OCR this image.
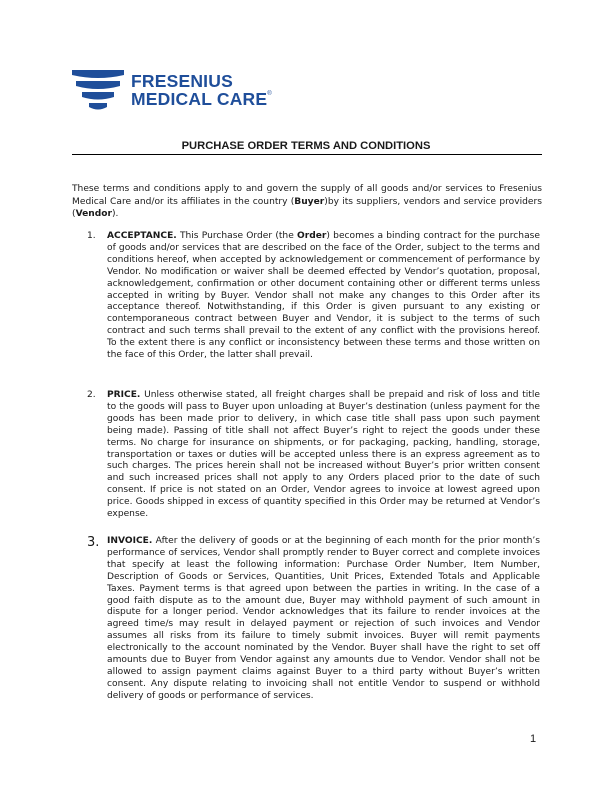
FRESENIUS
MEDICAL CARE®
PURCHASE ORDER TERMS AND CONDITIONS

These terms and conditions apply to and govern the supply of all goods and/or services to Fresenius Medical Care and/or its affiliates in the country (Buyer)by its suppliers, vendors and service providers (Vendor).

1. ACCEPTANCE. This Purchase Order (the Order) becomes a binding contract for the purchase of goods and/or services that are described on the face of the Order, subject to the terms and conditions hereof, when accepted by acknowledgement or commencement of performance by Vendor. No modification or waiver shall be deemed effected by Vendor’s quotation, proposal, acknowledgement, confirmation or other document containing other or different terms unless accepted in writing by Buyer. Vendor shall not make any changes to this Order after its acceptance thereof. Notwithstanding, if this Order is given pursuant to any existing or contemporaneous contract between Buyer and Vendor, it is subject to the terms of such contract and such terms shall prevail to the extent of any conflict with the provisions hereof. To the extent there is any conflict or inconsistency between these terms and those written on the face of this Order, the latter shall prevail.

2. PRICE. Unless otherwise stated, all freight charges shall be prepaid and risk of loss and title to the goods will pass to Buyer upon unloading at Buyer’s destination (unless payment for the goods has been made prior to delivery, in which case title shall pass upon such payment being made). Passing of title shall not affect Buyer’s right to reject the goods under these terms. No charge for insurance on shipments, or for packaging, packing, handling, storage, transportation or taxes or duties will be accepted unless there is an express agreement as to such charges. The prices herein shall not be increased without Buyer’s prior written consent and such increased prices shall not apply to any Orders placed prior to the date of such consent. If price is not stated on an Order, Vendor agrees to invoice at lowest agreed upon price. Goods shipped in excess of quantity specified in this Order may be returned at Vendor’s expense.

3. INVOICE. After the delivery of goods or at the beginning of each month for the prior month’s performance of services, Vendor shall promptly render to Buyer correct and complete invoices that specify at least the following information: Purchase Order Number, Item Number, Description of Goods or Services, Quantities, Unit Prices, Extended Totals and Applicable Taxes. Payment terms is that agreed upon between the parties in writing. In the case of a good faith dispute as to the amount due, Buyer may withhold payment of such amount in dispute for a longer period. Vendor acknowledges that its failure to render invoices at the agreed time/s may result in delayed payment or rejection of such invoices and Vendor assumes all risks from its failure to timely submit invoices. Buyer will remit payments electronically to the account nominated by the Vendor. Buyer shall have the right to set off amounts due to Buyer from Vendor against any amounts due to Vendor. Vendor shall not be allowed to assign payment claims against Buyer to a third party without Buyer’s written consent. Any dispute relating to invoicing shall not entitle Vendor to suspend or withhold delivery of goods or performance of services.

1
